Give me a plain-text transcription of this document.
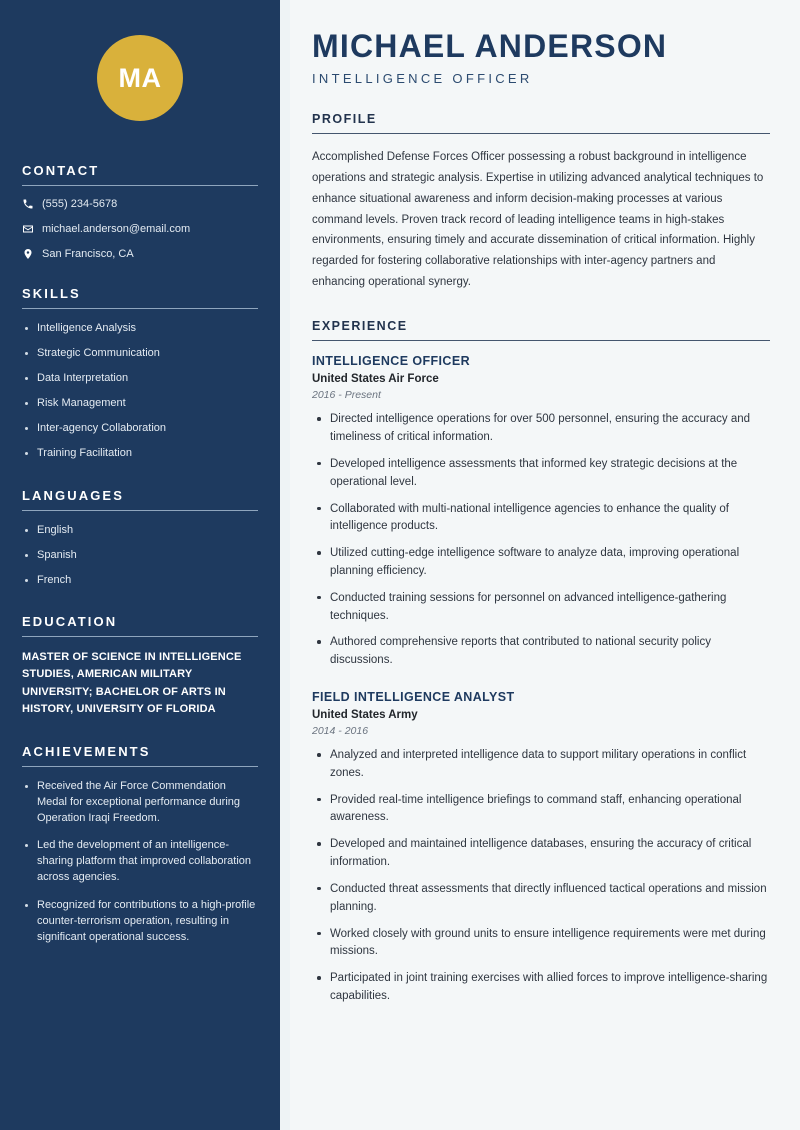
MA
CONTACT
(555) 234-5678
michael.anderson@email.com
San Francisco, CA
SKILLS
Intelligence Analysis
Strategic Communication
Data Interpretation
Risk Management
Inter-agency Collaboration
Training Facilitation
LANGUAGES
English
Spanish
French
EDUCATION
MASTER OF SCIENCE IN INTELLIGENCE STUDIES, AMERICAN MILITARY UNIVERSITY; BACHELOR OF ARTS IN HISTORY, UNIVERSITY OF FLORIDA
ACHIEVEMENTS
Received the Air Force Commendation Medal for exceptional performance during Operation Iraqi Freedom.
Led the development of an intelligence-sharing platform that improved collaboration across agencies.
Recognized for contributions to a high-profile counter-terrorism operation, resulting in significant operational success.
MICHAEL ANDERSON
INTELLIGENCE OFFICER
PROFILE

Accomplished Defense Forces Officer possessing a robust background in intelligence operations and strategic analysis. Expertise in utilizing advanced analytical techniques to enhance situational awareness and inform decision-making processes at various command levels. Proven track record of leading intelligence teams in high-stakes environments, ensuring timely and accurate dissemination of critical information. Highly regarded for fostering collaborative relationships with inter-agency partners and enhancing operational synergy.

EXPERIENCE
INTELLIGENCE OFFICER
United States Air Force
2016 - Present
Directed intelligence operations for over 500 personnel, ensuring the accuracy and timeliness of critical information.
Developed intelligence assessments that informed key strategic decisions at the operational level.
Collaborated with multi-national intelligence agencies to enhance the quality of intelligence products.
Utilized cutting-edge intelligence software to analyze data, improving operational planning efficiency.
Conducted training sessions for personnel on advanced intelligence-gathering techniques.
Authored comprehensive reports that contributed to national security policy discussions.
FIELD INTELLIGENCE ANALYST
United States Army
2014 - 2016
Analyzed and interpreted intelligence data to support military operations in conflict zones.
Provided real-time intelligence briefings to command staff, enhancing operational awareness.
Developed and maintained intelligence databases, ensuring the accuracy of critical information.
Conducted threat assessments that directly influenced tactical operations and mission planning.
Worked closely with ground units to ensure intelligence requirements were met during missions.
Participated in joint training exercises with allied forces to improve intelligence-sharing capabilities.
